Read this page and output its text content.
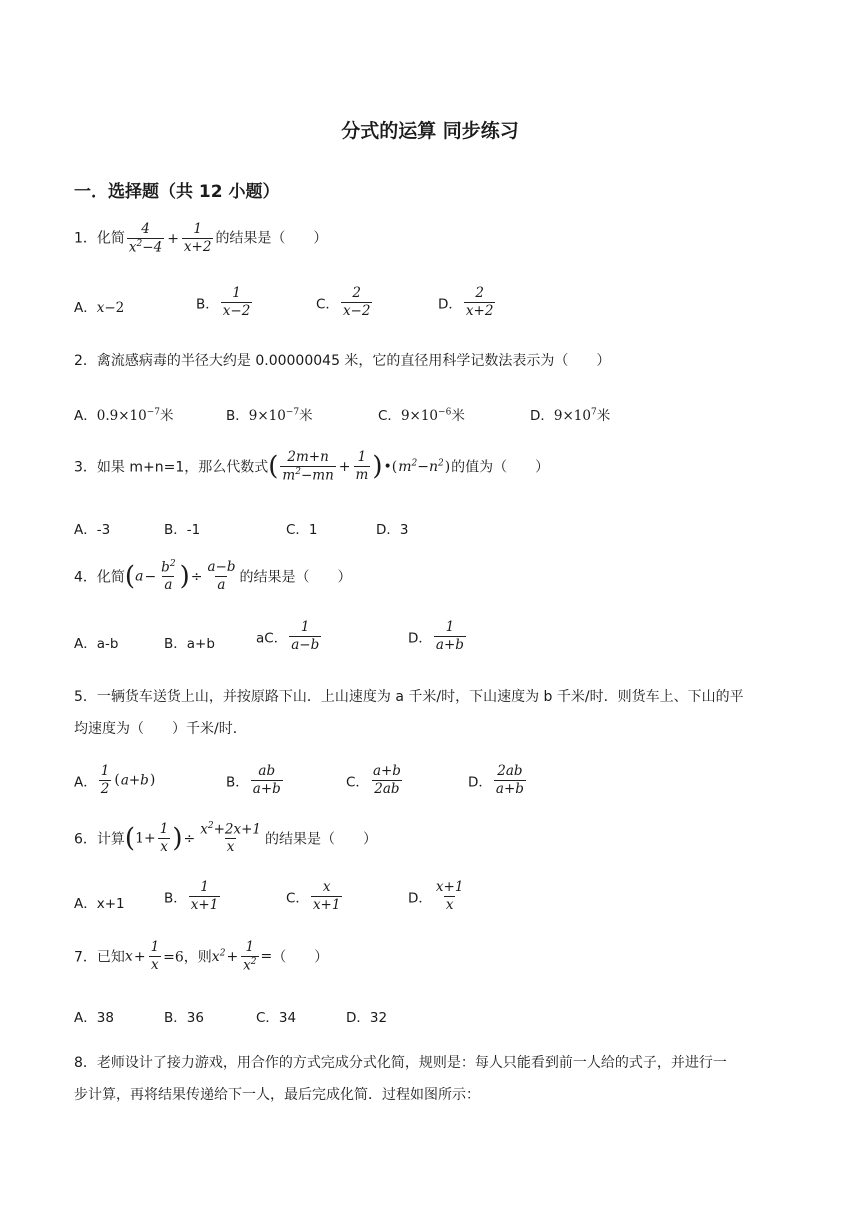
分式的运算 同步练习
一．选择题（共 12 小题）
1．化简 $\frac{4}{x^2-4} + \frac{1}{x+2}$ 的结果是（　　）
A．x−2	B． $\frac{1}{x-2}$	C． $\frac{2}{x-2}$	D． $\frac{2}{x+2}$
2．禽流感病毒的半径大约是 0.00000045 米，它的直径用科学记数法表示为（　　）
A．$0.9\times 10^{-7}$米	B．$9\times 10^{-7}$米	C．$9\times 10^{-6}$米	D．$9\times 10^7$米
3．如果 m+n=1，那么代数式( $\frac{2m+n}{m^2-mn} + \frac{1}{m}$ )$•(m^2-n^2)$的值为（　　）
A．-3	B．-1	C．1	D．3
4．化简($a- \frac{b^2}{a}$ )÷ $\frac{a-b}{a}$ 的结果是（　　）
A．a-b	B．a+b	aC． $\frac{1}{a-b}$	D． $\frac{1}{a+b}$
5．一辆货车送货上山，并按原路下山．上山速度为 a 千米/时，下山速度为 b 千米/时．则货车上、下山的平
均速度为（　　）千米/时．
A． $\frac{1}{2} (a+b)$	B． $\frac{ab}{a+b}$	C． $\frac{a+b}{2ab}$	D． $\frac{2ab}{a+b}$
6．计算($1+ \frac{1}{x}$ )÷ $\frac{x^2+2x+1}{x}$ 的结果是（　　）
A．x+1	B． $\frac{1}{x+1}$	C． $\frac{x}{x+1}$	D． $\frac{x+1}{x}$
7．已知$x+ \frac{1}{x} =6$，则$x^2+ \frac{1}{x^2}$ =（　　）
A．38	B．36	C．34	D．32
8．老师设计了接力游戏，用合作的方式完成分式化简，规则是：每人只能看到前一人给的式子，并进行一
步计算，再将结果传递给下一人，最后完成化简．过程如图所示：
